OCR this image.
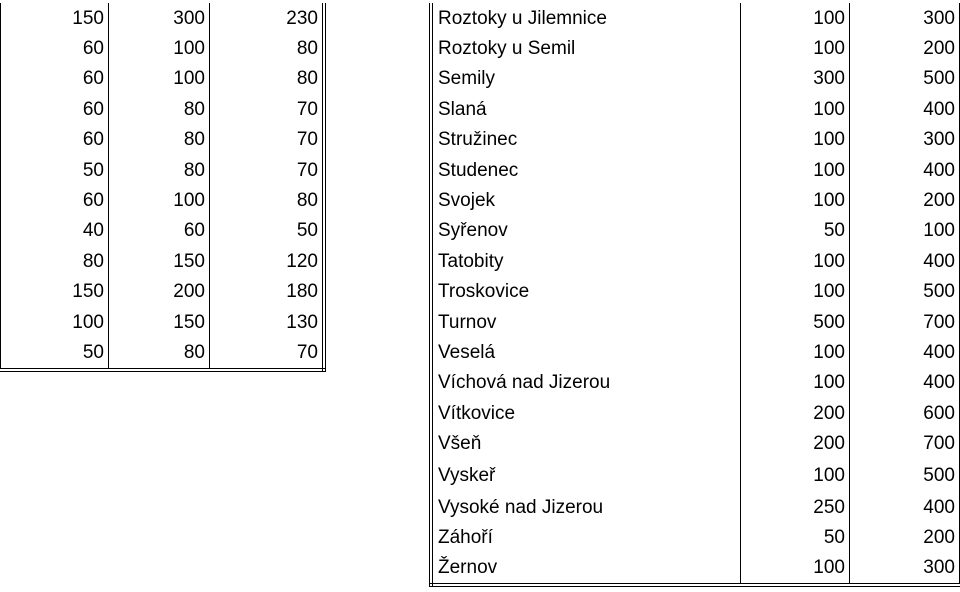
150	300	230
60	100	80
60	100	80
60	80	70
60	80	70
50	80	70
60	100	80
40	60	50
80	150	120
150	200	180
100	150	130
50	80	70
Roztoky u Jilemnice	100	300
Roztoky u Semil	100	200
Semily	300	500
Slaná	100	400
Stružinec	100	300
Studenec	100	400
Svojek	100	200
Syřenov	50	100
Tatobity	100	400
Troskovice	100	500
Turnov	500	700
Veselá	100	400
Víchová nad Jizerou	100	400
Vítkovice	200	600
Všeň	200	700
Vyskeř	100	500
Vysoké nad Jizerou	250	400
Záhoří	50	200
Žernov	100	300
